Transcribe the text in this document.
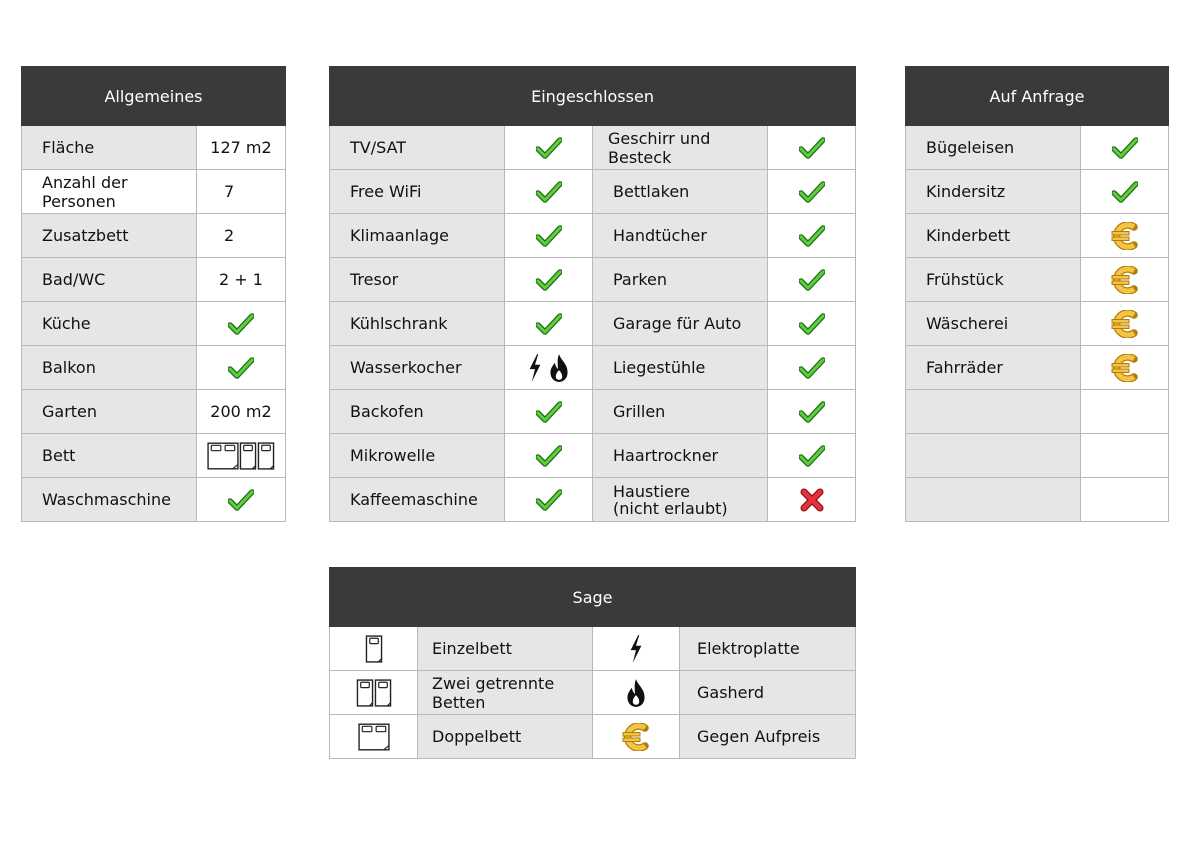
Allgemeines	
Fläche	127 m2
Anzahl der Personen	7
Zusatzbett	2
Bad/WC	2 + 1
Küche	
Balkon	
Garten	200 m2
Bett	
Waschmaschine	
Eingeschlossen			
TV/SAT		Geschirr und Besteck	
Free WiFi		Bettlaken	
Klimaanlage		Handtücher	
Tresor		Parken	
Kühlschrank		Garage für Auto	
Wasserkocher		Liegestühle	
Backofen		Grillen	
Mikrowelle		Haartrockner	
Kaffeemaschine		Haustiere
(nicht erlaubt)

Auf Anfrage	
Bügeleisen	
Kindersitz	
Kinderbett	
Frühstück	
Wäscherei	
Fahrräder	

Sage			
	Einzelbett		Elektroplatte
	Zwei getrennte Betten		Gasherd
	Doppelbett		Gegen Aufpreis
